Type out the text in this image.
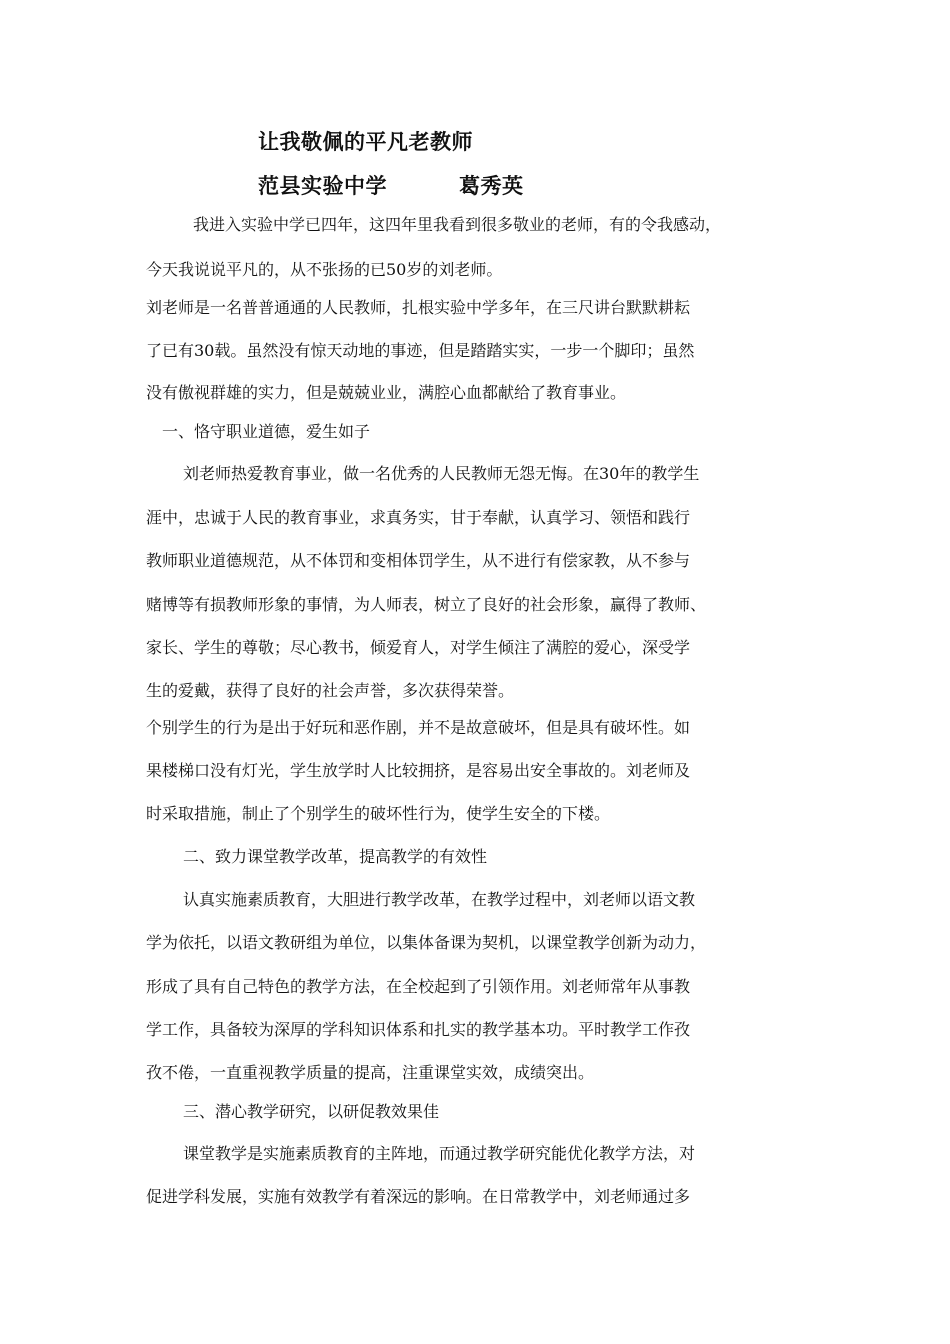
让我敬佩的平凡老教师
范县实验中学	葛秀英
我进入实验中学已四年，这四年里我看到很多敬业的老师，有的令我感动，
今天我说说平凡的，从不张扬的已50岁的刘老师。
刘老师是一名普普通通的人民教师，扎根实验中学多年，在三尺讲台默默耕耘
了已有30载。虽然没有惊天动地的事迹，但是踏踏实实，一步一个脚印；虽然
没有傲视群雄的实力，但是兢兢业业，满腔心血都献给了教育事业。
一、恪守职业道德，爱生如子
刘老师热爱教育事业，做一名优秀的人民教师无怨无悔。在30年的教学生
涯中，忠诚于人民的教育事业，求真务实，甘于奉献，认真学习、领悟和践行
教师职业道德规范，从不体罚和变相体罚学生，从不进行有偿家教，从不参与
赌博等有损教师形象的事情，为人师表，树立了良好的社会形象，赢得了教师、
家长、学生的尊敬；尽心教书，倾爱育人，对学生倾注了满腔的爱心，深受学
生的爱戴，获得了良好的社会声誉，多次获得荣誉。
个别学生的行为是出于好玩和恶作剧，并不是故意破坏，但是具有破坏性。如
果楼梯口没有灯光，学生放学时人比较拥挤，是容易出安全事故的。刘老师及
时采取措施，制止了个别学生的破坏性行为，使学生安全的下楼。
二、致力课堂教学改革，提高教学的有效性
认真实施素质教育，大胆进行教学改革，在教学过程中，刘老师以语文教
学为依托，以语文教研组为单位，以集体备课为契机，以课堂教学创新为动力，
形成了具有自己特色的教学方法，在全校起到了引领作用。刘老师常年从事教
学工作，具备较为深厚的学科知识体系和扎实的教学基本功。平时教学工作孜
孜不倦，一直重视教学质量的提高，注重课堂实效，成绩突出。
三、潜心教学研究，以研促教效果佳
课堂教学是实施素质教育的主阵地，而通过教学研究能优化教学方法，对
促进学科发展，实施有效教学有着深远的影响。在日常教学中，刘老师通过多
